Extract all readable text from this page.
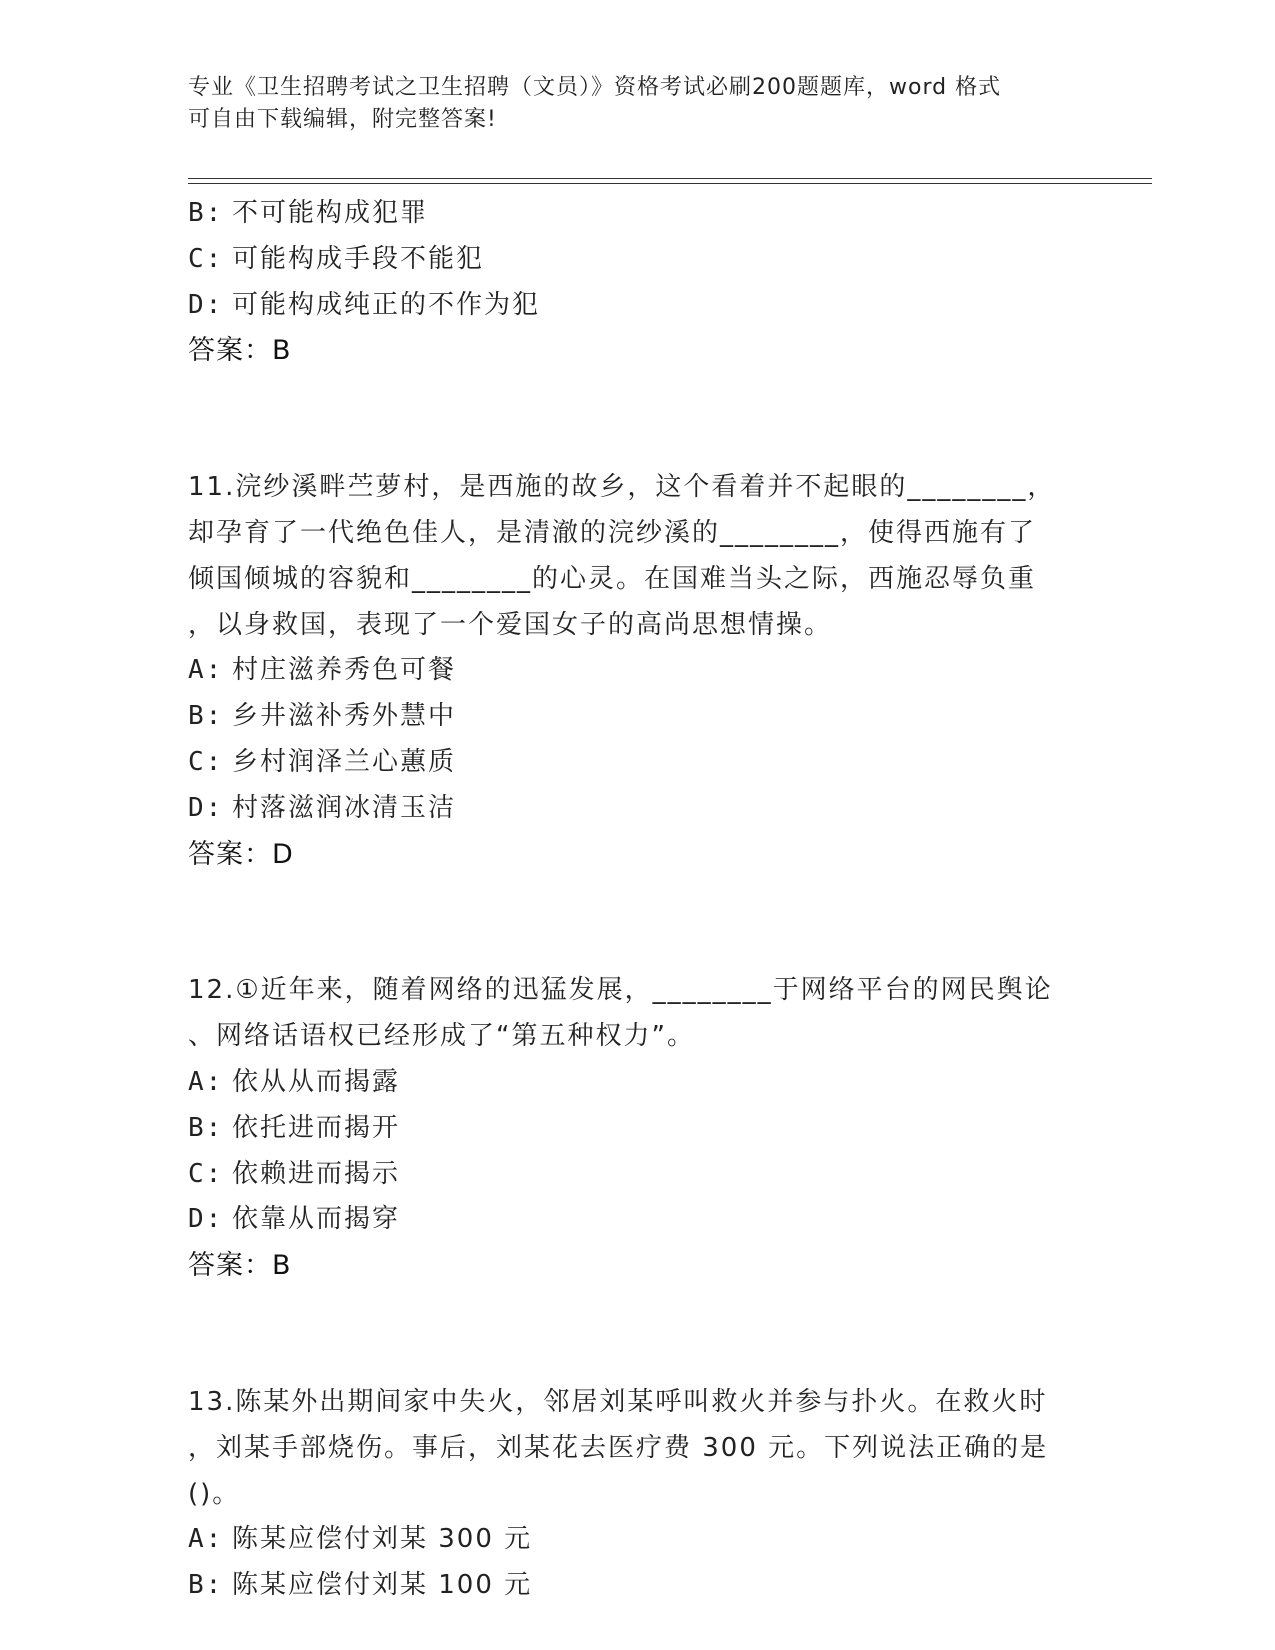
专业《卫生招聘考试之卫生招聘（文员）》资格考试必刷200题题库，word 格式
可自由下载编辑，附完整答案!
B: 不可能构成犯罪
C: 可能构成手段不能犯
D: 可能构成纯正的不作为犯
答案：B
11.浣纱溪畔苎萝村，是西施的故乡，这个看着并不起眼的________，
却孕育了一代绝色佳人，是清澈的浣纱溪的________，使得西施有了
倾国倾城的容貌和________的心灵。在国难当头之际，西施忍辱负重
，以身救国，表现了一个爱国女子的高尚思想情操。
A: 村庄滋养秀色可餐
B: 乡井滋补秀外慧中
C: 乡村润泽兰心蕙质
D: 村落滋润冰清玉洁
答案：D
12.①近年来，随着网络的迅猛发展，________于网络平台的网民舆论
、网络话语权已经形成了“第五种权力”。
A: 依从从而揭露
B: 依托进而揭开
C: 依赖进而揭示
D: 依靠从而揭穿
答案：B
13.陈某外出期间家中失火，邻居刘某呼叫救火并参与扑火。在救火时
，刘某手部烧伤。事后，刘某花去医疗费 300 元。下列说法正确的是
()。
A: 陈某应偿付刘某 300 元
B: 陈某应偿付刘某 100 元
